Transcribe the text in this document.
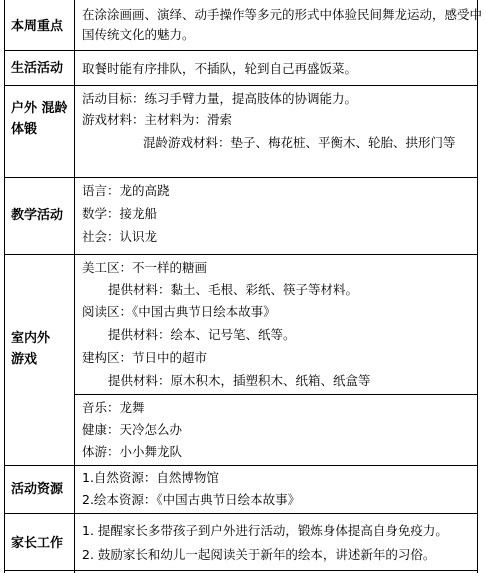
本周重点
在涂涂画画、演绎、动手操作等多元的形式中体验民间舞龙运动，感受中
国传统文化的魅力。
生活活动 取餐时能有序排队，不插队，轮到自己再盛饭菜。
户外 混龄
体锻
活动目标：练习手臂力量，提高肢体的协调能力。
游戏材料：主材料为：滑索
混龄游戏材料：垫子、梅花桩、平衡木、轮胎、拱形门等
教学活动
语言：龙的高跷
数学：接龙船
社会：认识龙
室内外
游戏
美工区：不一样的糖画
提供材料：黏土、毛根、彩纸、筷子等材料。
阅读区：《中国古典节日绘本故事》
提供材料：绘本、记号笔、纸等。
建构区：节日中的超市
提供材料：原木积木，插塑积木、纸箱、纸盒等
音乐：龙舞
健康：天冷怎么办
体游：小小舞龙队
活动资源
1.自然资源：自然博物馆
2.绘本资源：《中国古典节日绘本故事》
家长工作
1. 提醒家长多带孩子到户外进行活动，锻炼身体提高自身免疫力。
2. 鼓励家长和幼儿一起阅读关于新年的绘本，讲述新年的习俗。
